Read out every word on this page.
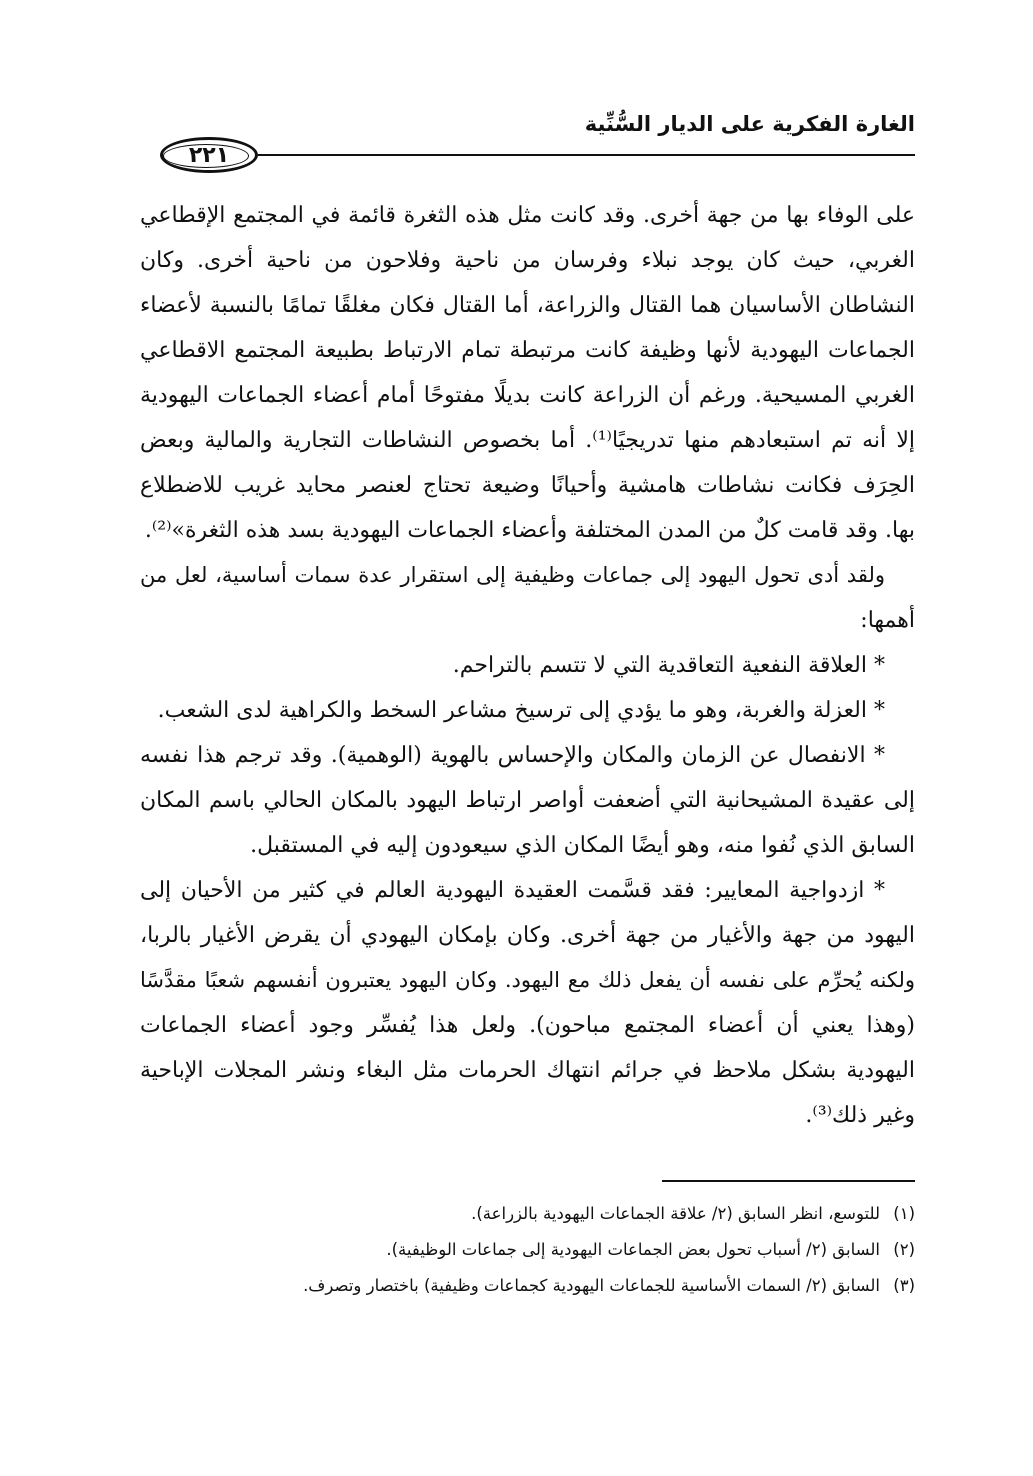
الغارة الفكرية على الديار السُّنِّية
٢٢١

على الوفاء بها من جهة أخرى. وقد كانت مثل هذه الثغرة قائمة في المجتمع الإقطاعي
الغربي، حيث كان يوجد نبلاء وفرسان من ناحية وفلاحون من ناحية أخرى. وكان
النشاطان الأساسيان هما القتال والزراعة، أما القتال فكان مغلقًا تمامًا بالنسبة لأعضاء
الجماعات اليهودية لأنها وظيفة كانت مرتبطة تمام الارتباط بطبيعة المجتمع الاقطاعي
الغربي المسيحية. ورغم أن الزراعة كانت بديلًا مفتوحًا أمام أعضاء الجماعات اليهودية
إلا أنه تم استبعادهم منها تدريجيًا⁽¹⁾. أما بخصوص النشاطات التجارية والمالية وبعض
الحِرَف فكانت نشاطات هامشية وأحيانًا وضيعة تحتاج لعنصر محايد غريب للاضطلاع
بها. وقد قامت كلٌ من المدن المختلفة وأعضاء الجماعات اليهودية بسد هذه الثغرة»⁽²⁾.

ولقد أدى تحول اليهود إلى جماعات وظيفية إلى استقرار عدة سمات أساسية، لعل من
أهمها:

* العلاقة النفعية التعاقدية التي لا تتسم بالتراحم.

* العزلة والغربة، وهو ما يؤدي إلى ترسيخ مشاعر السخط والكراهية لدى الشعب.

* الانفصال عن الزمان والمكان والإحساس بالهوية (الوهمية). وقد ترجم هذا نفسه
إلى عقيدة المشيحانية التي أضعفت أواصر ارتباط اليهود بالمكان الحالي باسم المكان
السابق الذي نُفوا منه، وهو أيضًا المكان الذي سيعودون إليه في المستقبل.

* ازدواجية المعايير: فقد قسَّمت العقيدة اليهودية العالم في كثير من الأحيان إلى
اليهود من جهة والأغيار من جهة أخرى. وكان بإمكان اليهودي أن يقرض الأغيار بالربا،
ولكنه يُحرِّم على نفسه أن يفعل ذلك مع اليهود. وكان اليهود يعتبرون أنفسهم شعبًا مقدَّسًا
(وهذا يعني أن أعضاء المجتمع مباحون). ولعل هذا يُفسِّر وجود أعضاء الجماعات
اليهودية بشكل ملاحظ في جرائم انتهاك الحرمات مثل البغاء ونشر المجلات الإباحية
وغير ذلك⁽³⁾.

(١) للتوسع، انظر السابق (٢/ علاقة الجماعات اليهودية بالزراعة).
(٢) السابق (٢/ أسباب تحول بعض الجماعات اليهودية إلى جماعات الوظيفية).
(٣) السابق (٢/ السمات الأساسية للجماعات اليهودية كجماعات وظيفية) باختصار وتصرف.
